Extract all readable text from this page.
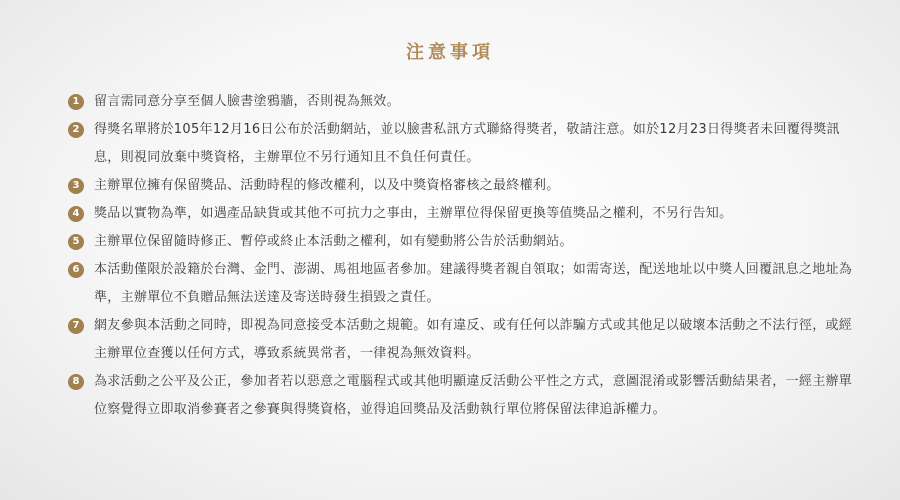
注意事項
1	留言需同意分享至個人臉書塗鴉牆，否則視為無效。
2	得獎名單將於105年12月16日公布於活動網站，並以臉書私訊方式聯絡得獎者，敬請注意。如於12月23日得獎者未回覆得獎訊息，則視同放棄中獎資格，主辦單位不另行通知且不負任何責任。
3	主辦單位擁有保留獎品、活動時程的修改權利，以及中獎資格審核之最終權利。
4	獎品以實物為準，如遇產品缺貨或其他不可抗力之事由，主辦單位得保留更換等值獎品之權利，不另行告知。
5	主辦單位保留隨時修正、暫停或終止本活動之權利，如有變動將公告於活動網站。
6	本活動僅限於設籍於台灣、金門、澎湖、馬祖地區者參加。建議得獎者親自領取；如需寄送，配送地址以中獎人回覆訊息之地址為準，主辦單位不負贈品無法送達及寄送時發生損毀之責任。
7	網友參與本活動之同時，即視為同意接受本活動之規範。如有違反、或有任何以詐騙方式或其他足以破壞本活動之不法行徑，或經主辦單位查獲以任何方式，導致系統異常者，一律視為無效資料。
8	為求活動之公平及公正，參加者若以惡意之電腦程式或其他明顯違反活動公平性之方式，意圖混淆或影響活動結果者，一經主辦單位察覺得立即取消參賽者之參賽與得獎資格，並得追回獎品及活動執行單位將保留法律追訴權力。
